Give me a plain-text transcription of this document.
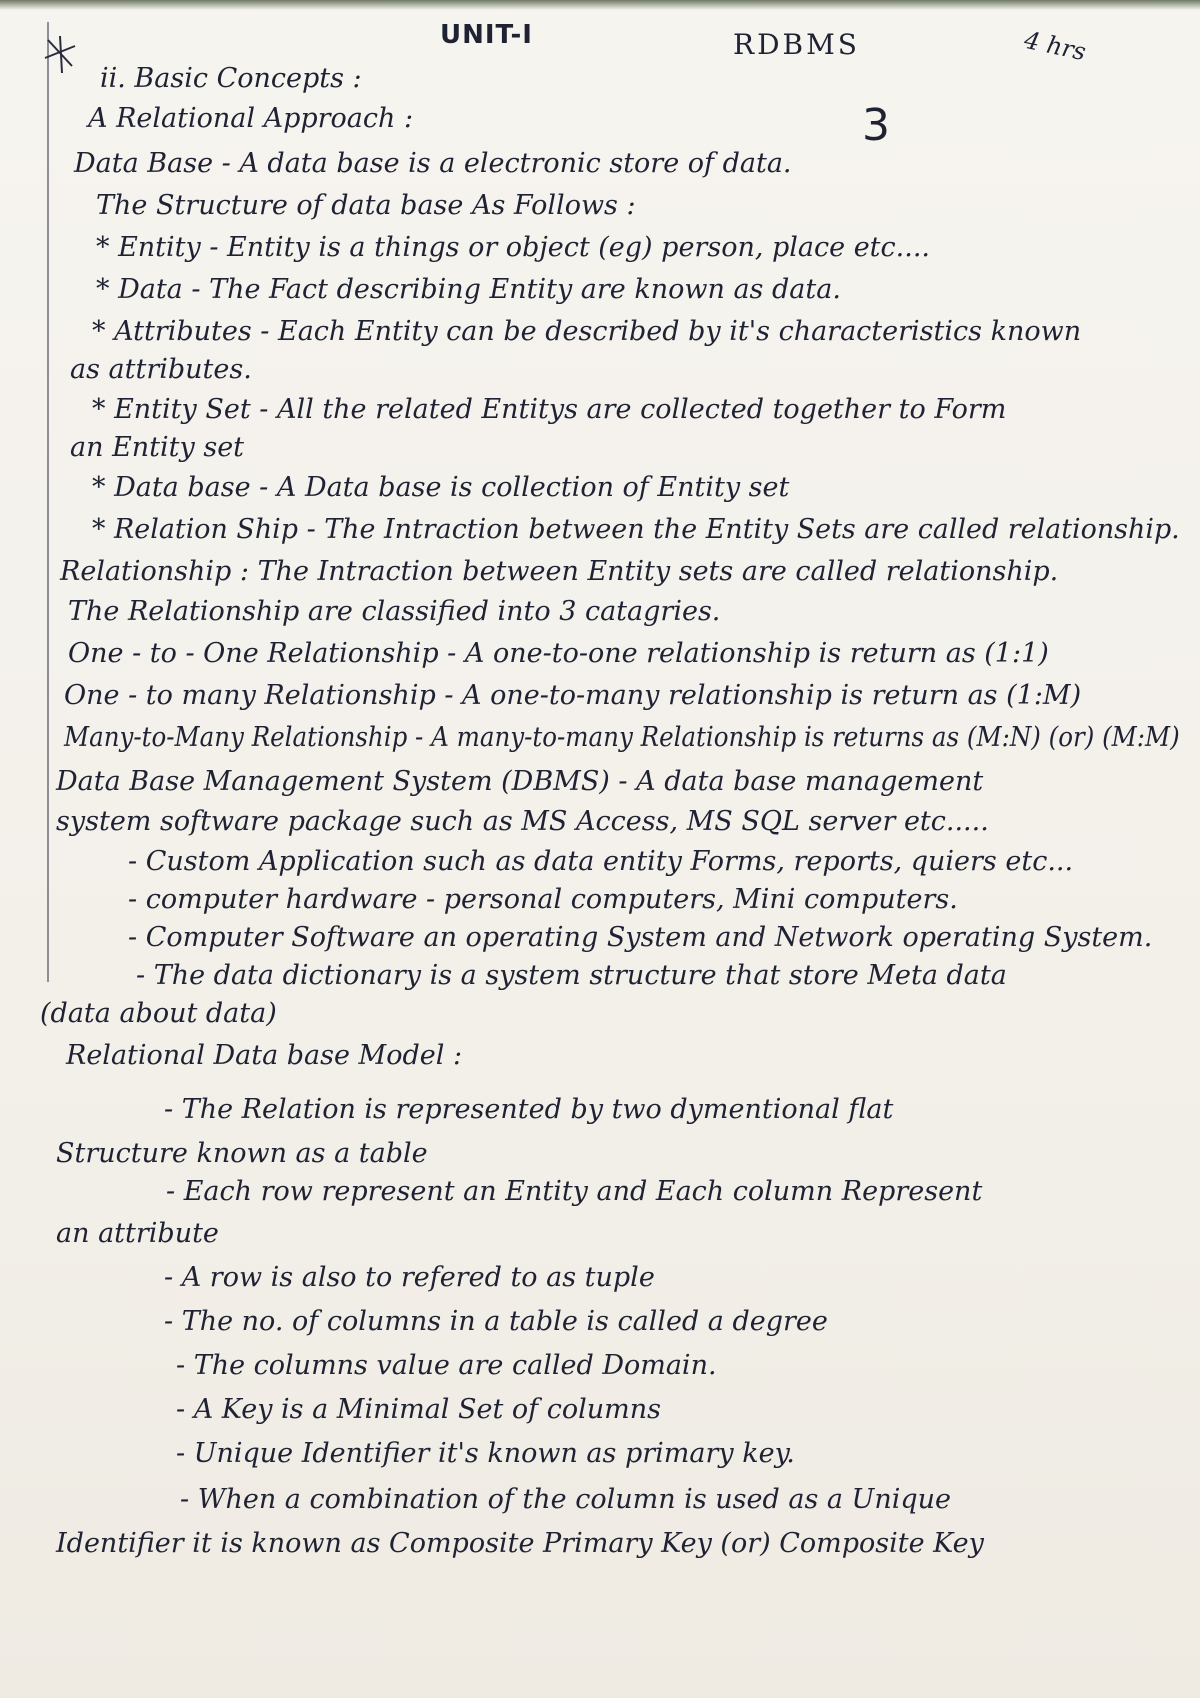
UNIT-I	RDBMS	4 hrs
3
ii. Basic Concepts :
A Relational Approach :
Data Base - A data base is a electronic store of data.
The Structure of data base As Follows :
* Entity - Entity is a things or object (eg) person, place etc....
* Data - The Fact describing Entity are known as data.
* Attributes - Each Entity can be described by it's characteristics known
as attributes.
* Entity Set - All the related Entitys are collected together to Form
an Entity set
* Data base - A Data base is collection of Entity set
* Relation Ship - The Intraction between the Entity Sets are called relationship.
Relationship : The Intraction between Entity sets are called relationship.
The Relationship are classified into 3 catagries.
One - to - One Relationship - A one-to-one relationship is return as (1:1)
One - to many Relationship - A one-to-many relationship is return as (1:M)
Many-to-Many Relationship - A many-to-many Relationship is returns as (M:N) (or) (M:M)
Data Base Management System (DBMS) - A data base management
system software package such as MS Access, MS SQL server etc.....
- Custom Application such as data entity Forms, reports, quiers etc...
- computer hardware - personal computers, Mini computers.
- Computer Software an operating System and Network operating System.
- The data dictionary is a system structure that store Meta data
(data about data)
Relational Data base Model :
- The Relation is represented by two dymentional flat
Structure known as a table
- Each row represent an Entity and Each column Represent
an attribute
- A row is also to refered to as tuple
- The no. of columns in a table is called a degree
- The columns value are called Domain.
- A Key is a Minimal Set of columns
- Unique Identifier it's known as primary key.
- When a combination of the column is used as a Unique
Identifier it is known as Composite Primary Key (or) Composite Key
